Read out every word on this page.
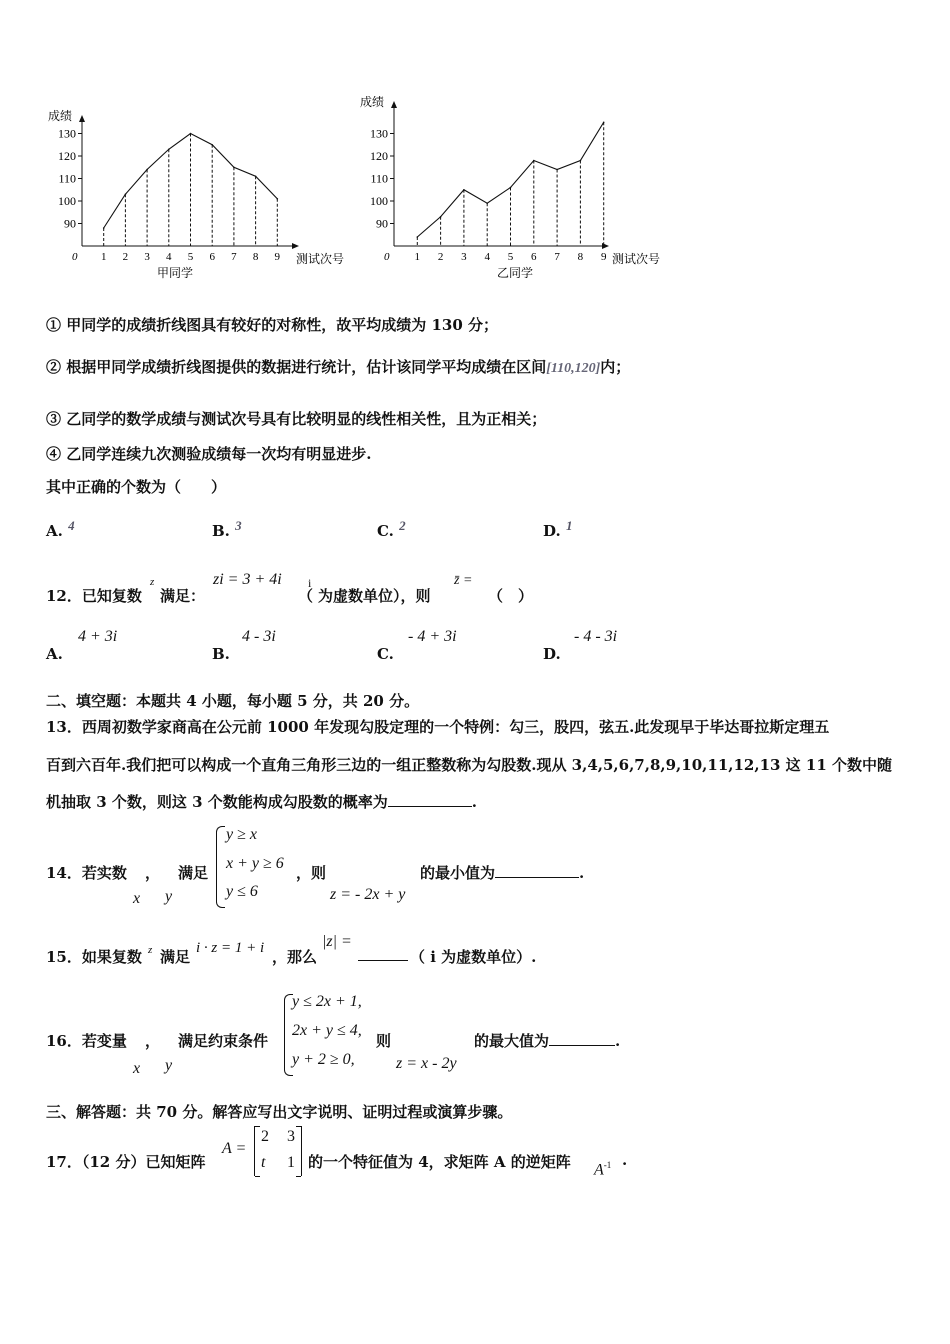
成绩
90
100
110
120
130
0 1 2 3 4 5 6 7 8 9 测试次号
甲同学
成绩
90
100
110
120
130
0 1 2 3 4 5 6 7 8 9 测试次号
乙同学
① 甲同学的成绩折线图具有较好的对称性，故平均成绩为 130 分；
② 根据甲同学成绩折线图提供的数据进行统计，估计该同学平均成绩在区间[110,120]内；
③ 乙同学的数学成绩与测试次号具有比较明显的线性相关性，且为正相关；
④ 乙同学连续九次测验成绩每一次均有明显进步.
其中正确的个数为（　　）
A. $^4$	B. $^3$	C. $^2$	D. $^1$
12．已知复数
z
满足：
zi = 3 + 4i
（
i
为虚数单位），则
z̄ =
（　）
A.
4 + 3i
B.
4 - 3i
C.
- 4 + 3i
D.
- 4 - 3i
二、填空题：本题共 4 小题，每小题 5 分，共 20 分。
13．西周初数学家商高在公元前 1000 年发现勾股定理的一个特例：勾三，股四，弦五.此发现早于毕达哥拉斯定理五
百到六百年.我们把可以构成一个直角三角形三边的一组正整数称为勾股数.现从 3,4,5,6,7,8,9,10,11,12,13 这 11 个数中随
机抽取 3 个数，则这 3 个数能构成勾股数的概率为	.
14．若实数 ， 满足
x y
y ≥ x
x + y ≥ 6
y ≤ 6
，则
z = - 2x + y
的最小值为	.
15．如果复数 z 满足 i · z = 1 + i ，那么
|z| =
（ i 为虚数单位）.
16．若变量 ， 满足约束条件
x y
y ≤ 2x + 1,
2x + y ≤ 4,
y + 2 ≥ 0,
则
z = x - 2y
的最大值为	.
三、解答题：共 70 分。解答应写出文字说明、证明过程或演算步骤。
17．（12 分）已知矩阵
A =
2 3
t 1 的一个特征值为 4，求矩阵 A 的逆矩阵 $A^{-1}$ .
